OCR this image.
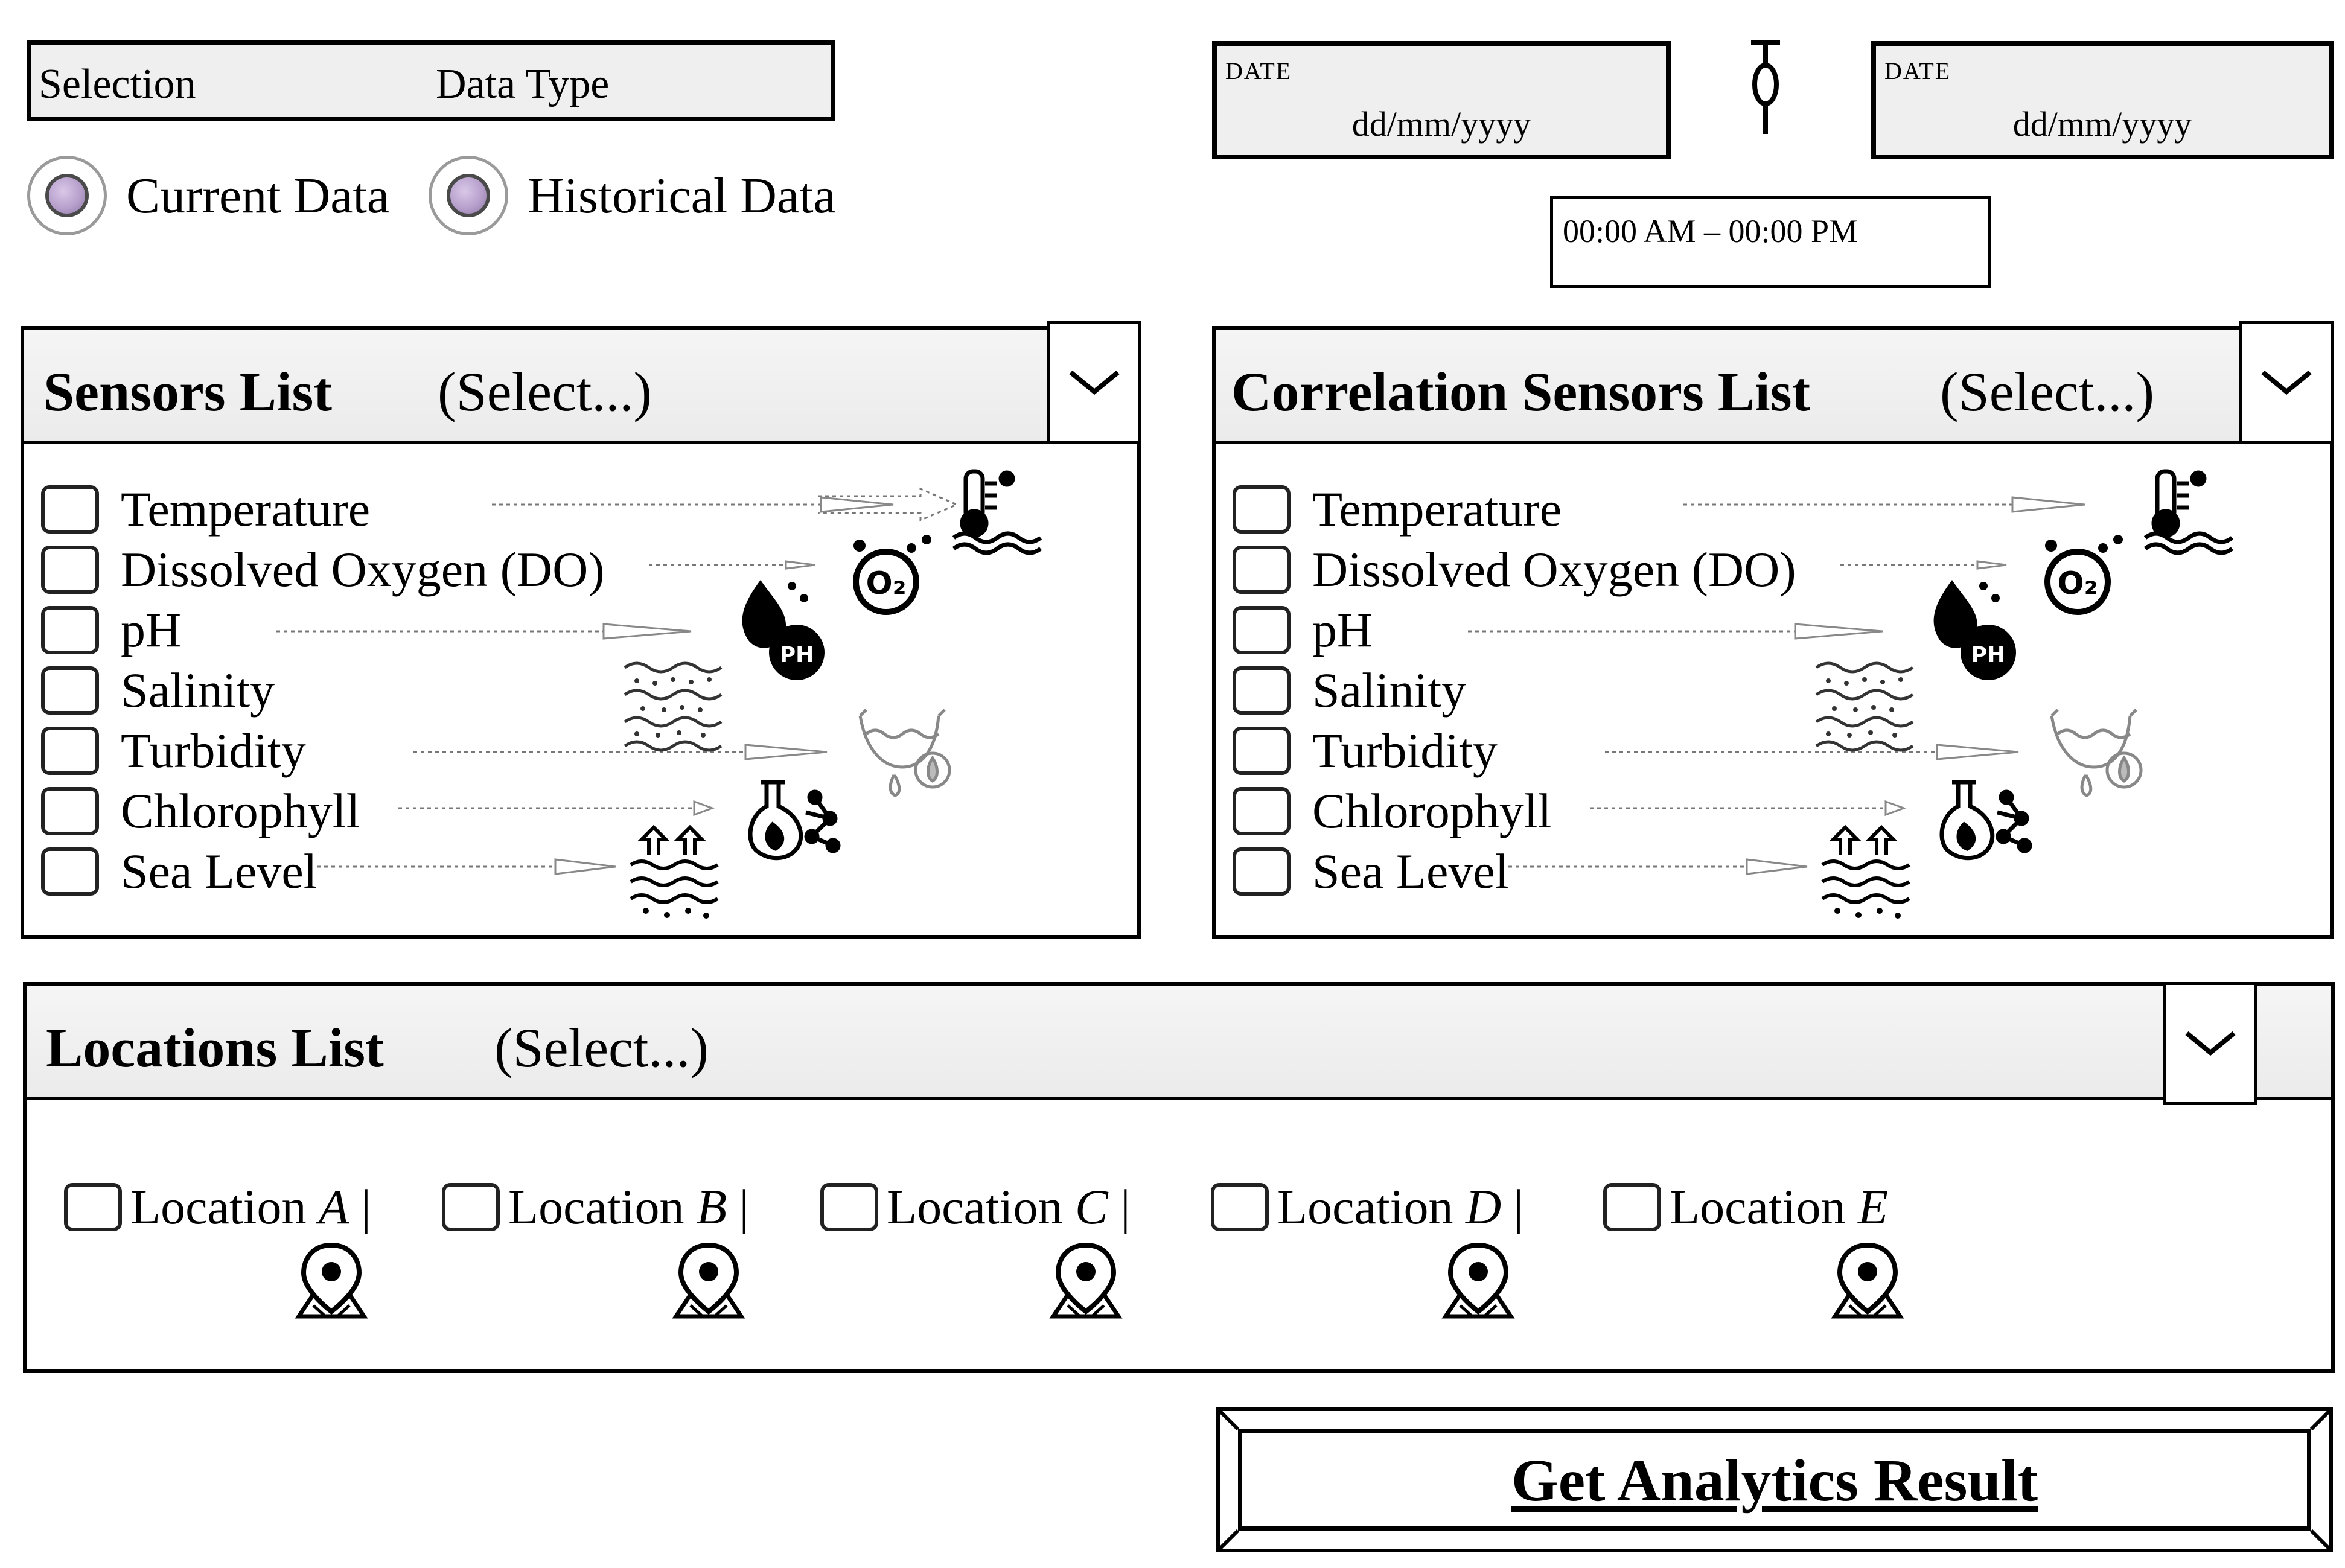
Selection	Data Type
Current Data	Historical Data
DATE
dd/mm/yyyy
DATE
dd/mm/yyyy
00:00 AM – 00:00 PM
Sensors List (Select...)
Temperature
Dissolved Oxygen (DO)
pH
Salinity
Turbidity
Chlorophyll
Sea Level
O₂
PH
Correlation Sensors List (Select...)
Temperature
Dissolved Oxygen (DO)
pH
Salinity
Turbidity
Chlorophyll
Sea Level
O₂
PH
Locations List (Select...)
Location A |	Location B |	Location C |	Location D |	Location E
Get Analytics Result
